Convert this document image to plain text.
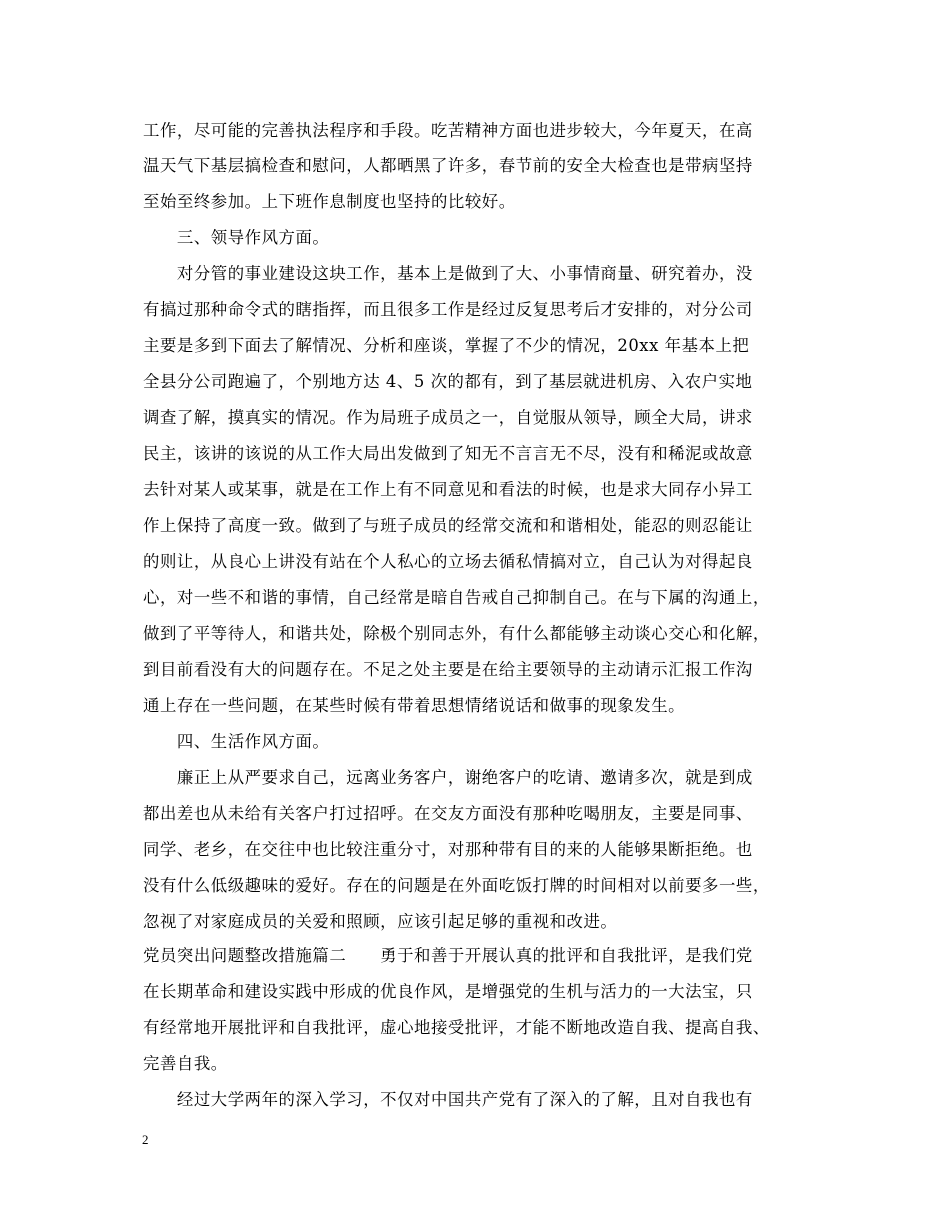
工作，尽可能的完善执法程序和手段。吃苦精神方面也进步较大，今年夏天，在高
温天气下基层搞检查和慰问，人都晒黑了许多，春节前的安全大检查也是带病坚持
至始至终参加。上下班作息制度也坚持的比较好。
　　三、领导作风方面。
　　对分管的事业建设这块工作，基本上是做到了大、小事情商量、研究着办，没
有搞过那种命令式的瞎指挥，而且很多工作是经过反复思考后才安排的，对分公司
主要是多到下面去了解情况、分析和座谈，掌握了不少的情况，20xx 年基本上把
全县分公司跑遍了，个别地方达 4、5 次的都有，到了基层就进机房、入农户实地
调查了解，摸真实的情况。作为局班子成员之一，自觉服从领导，顾全大局，讲求
民主，该讲的该说的从工作大局出发做到了知无不言言无不尽，没有和稀泥或故意
去针对某人或某事，就是在工作上有不同意见和看法的时候，也是求大同存小异工
作上保持了高度一致。做到了与班子成员的经常交流和和谐相处，能忍的则忍能让
的则让，从良心上讲没有站在个人私心的立场去循私情搞对立，自己认为对得起良
心，对一些不和谐的事情，自己经常是暗自告戒自己抑制自己。在与下属的沟通上，
做到了平等待人，和谐共处，除极个别同志外，有什么都能够主动谈心交心和化解，
到目前看没有大的问题存在。不足之处主要是在给主要领导的主动请示汇报工作沟
通上存在一些问题，在某些时候有带着思想情绪说话和做事的现象发生。
　　四、生活作风方面。
　　廉正上从严要求自己，远离业务客户，谢绝客户的吃请、邀请多次，就是到成
都出差也从未给有关客户打过招呼。在交友方面没有那种吃喝朋友，主要是同事、
同学、老乡，在交往中也比较注重分寸，对那种带有目的来的人能够果断拒绝。也
没有什么低级趣味的爱好。存在的问题是在外面吃饭打牌的时间相对以前要多一些，
忽视了对家庭成员的关爱和照顾，应该引起足够的重视和改进。
党员突出问题整改措施篇二　　勇于和善于开展认真的批评和自我批评，是我们党
在长期革命和建设实践中形成的优良作风，是增强党的生机与活力的一大法宝，只
有经常地开展批评和自我批评，虚心地接受批评，才能不断地改造自我、提高自我、
完善自我。
　　经过大学两年的深入学习，不仅对中国共产党有了深入的了解，且对自我也有
2
